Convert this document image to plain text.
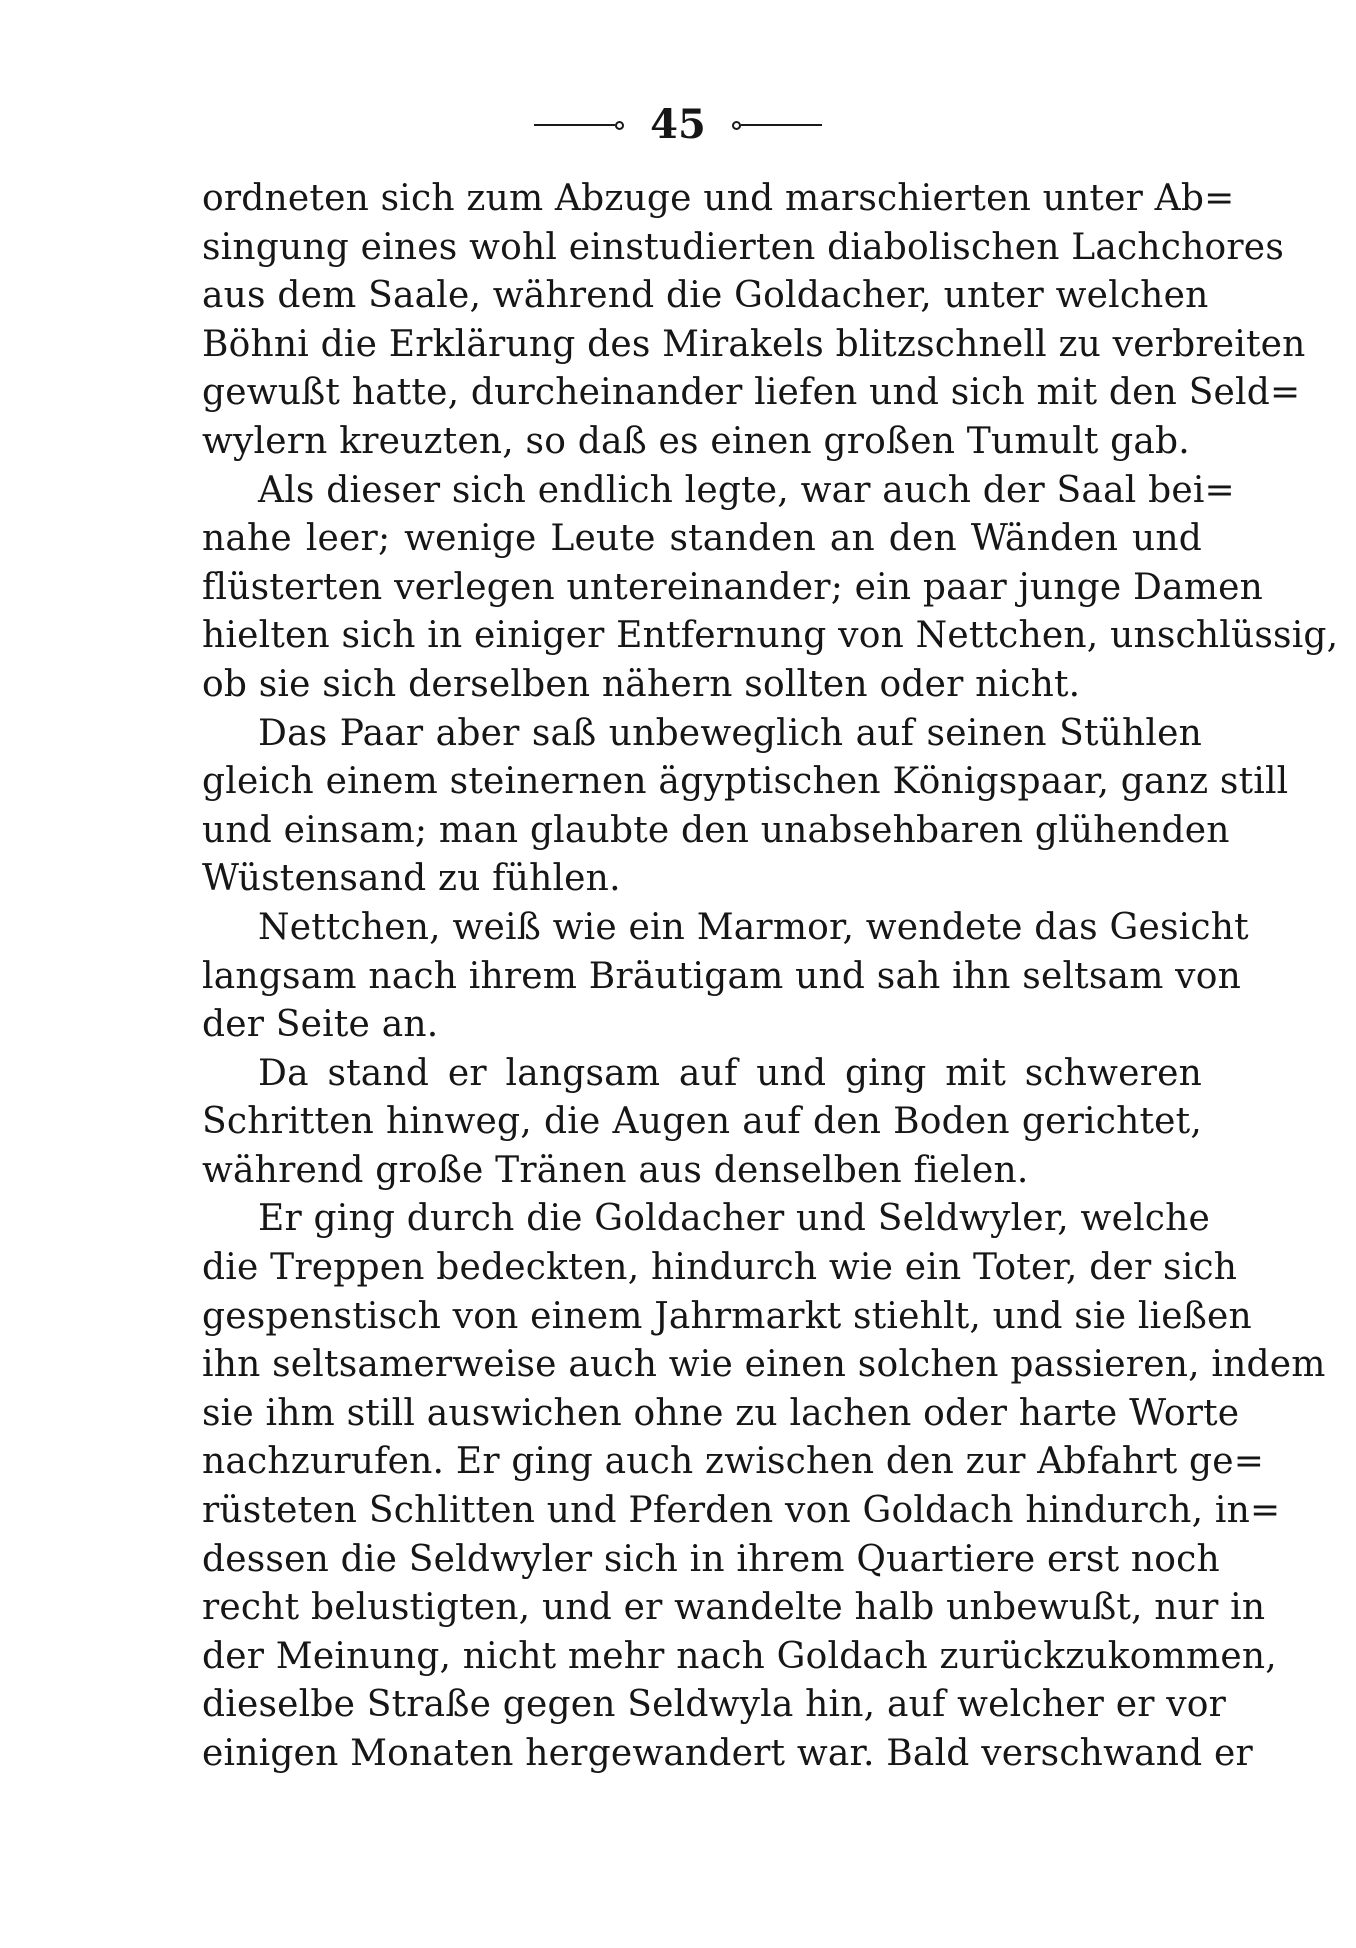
45
ordneten sich zum Abzuge und marschierten unter Ab=
singung eines wohl einstudierten diabolischen Lachchores
aus dem Saale, während die Goldacher, unter welchen
Böhni die Erklärung des Mirakels blitzschnell zu verbreiten
gewußt hatte, durcheinander liefen und sich mit den Seld=
wylern kreuzten, so daß es einen großen Tumult gab.
Als dieser sich endlich legte, war auch der Saal bei=
nahe leer; wenige Leute standen an den Wänden und
flüsterten verlegen untereinander; ein paar junge Damen
hielten sich in einiger Entfernung von Nettchen, unschlüssig,
ob sie sich derselben nähern sollten oder nicht.
Das Paar aber saß unbeweglich auf seinen Stühlen
gleich einem steinernen ägyptischen Königspaar, ganz still
und einsam; man glaubte den unabsehbaren glühenden
Wüstensand zu fühlen.
Nettchen, weiß wie ein Marmor, wendete das Gesicht
langsam nach ihrem Bräutigam und sah ihn seltsam von
der Seite an.
Da stand er langsam auf und ging mit schweren
Schritten hinweg, die Augen auf den Boden gerichtet,
während große Tränen aus denselben fielen.
Er ging durch die Goldacher und Seldwyler, welche
die Treppen bedeckten, hindurch wie ein Toter, der sich
gespenstisch von einem Jahrmarkt stiehlt, und sie ließen
ihn seltsamerweise auch wie einen solchen passieren, indem
sie ihm still auswichen ohne zu lachen oder harte Worte
nachzurufen. Er ging auch zwischen den zur Abfahrt ge=
rüsteten Schlitten und Pferden von Goldach hindurch, in=
dessen die Seldwyler sich in ihrem Quartiere erst noch
recht belustigten, und er wandelte halb unbewußt, nur in
der Meinung, nicht mehr nach Goldach zurückzukommen,
dieselbe Straße gegen Seldwyla hin, auf welcher er vor
einigen Monaten hergewandert war. Bald verschwand er
